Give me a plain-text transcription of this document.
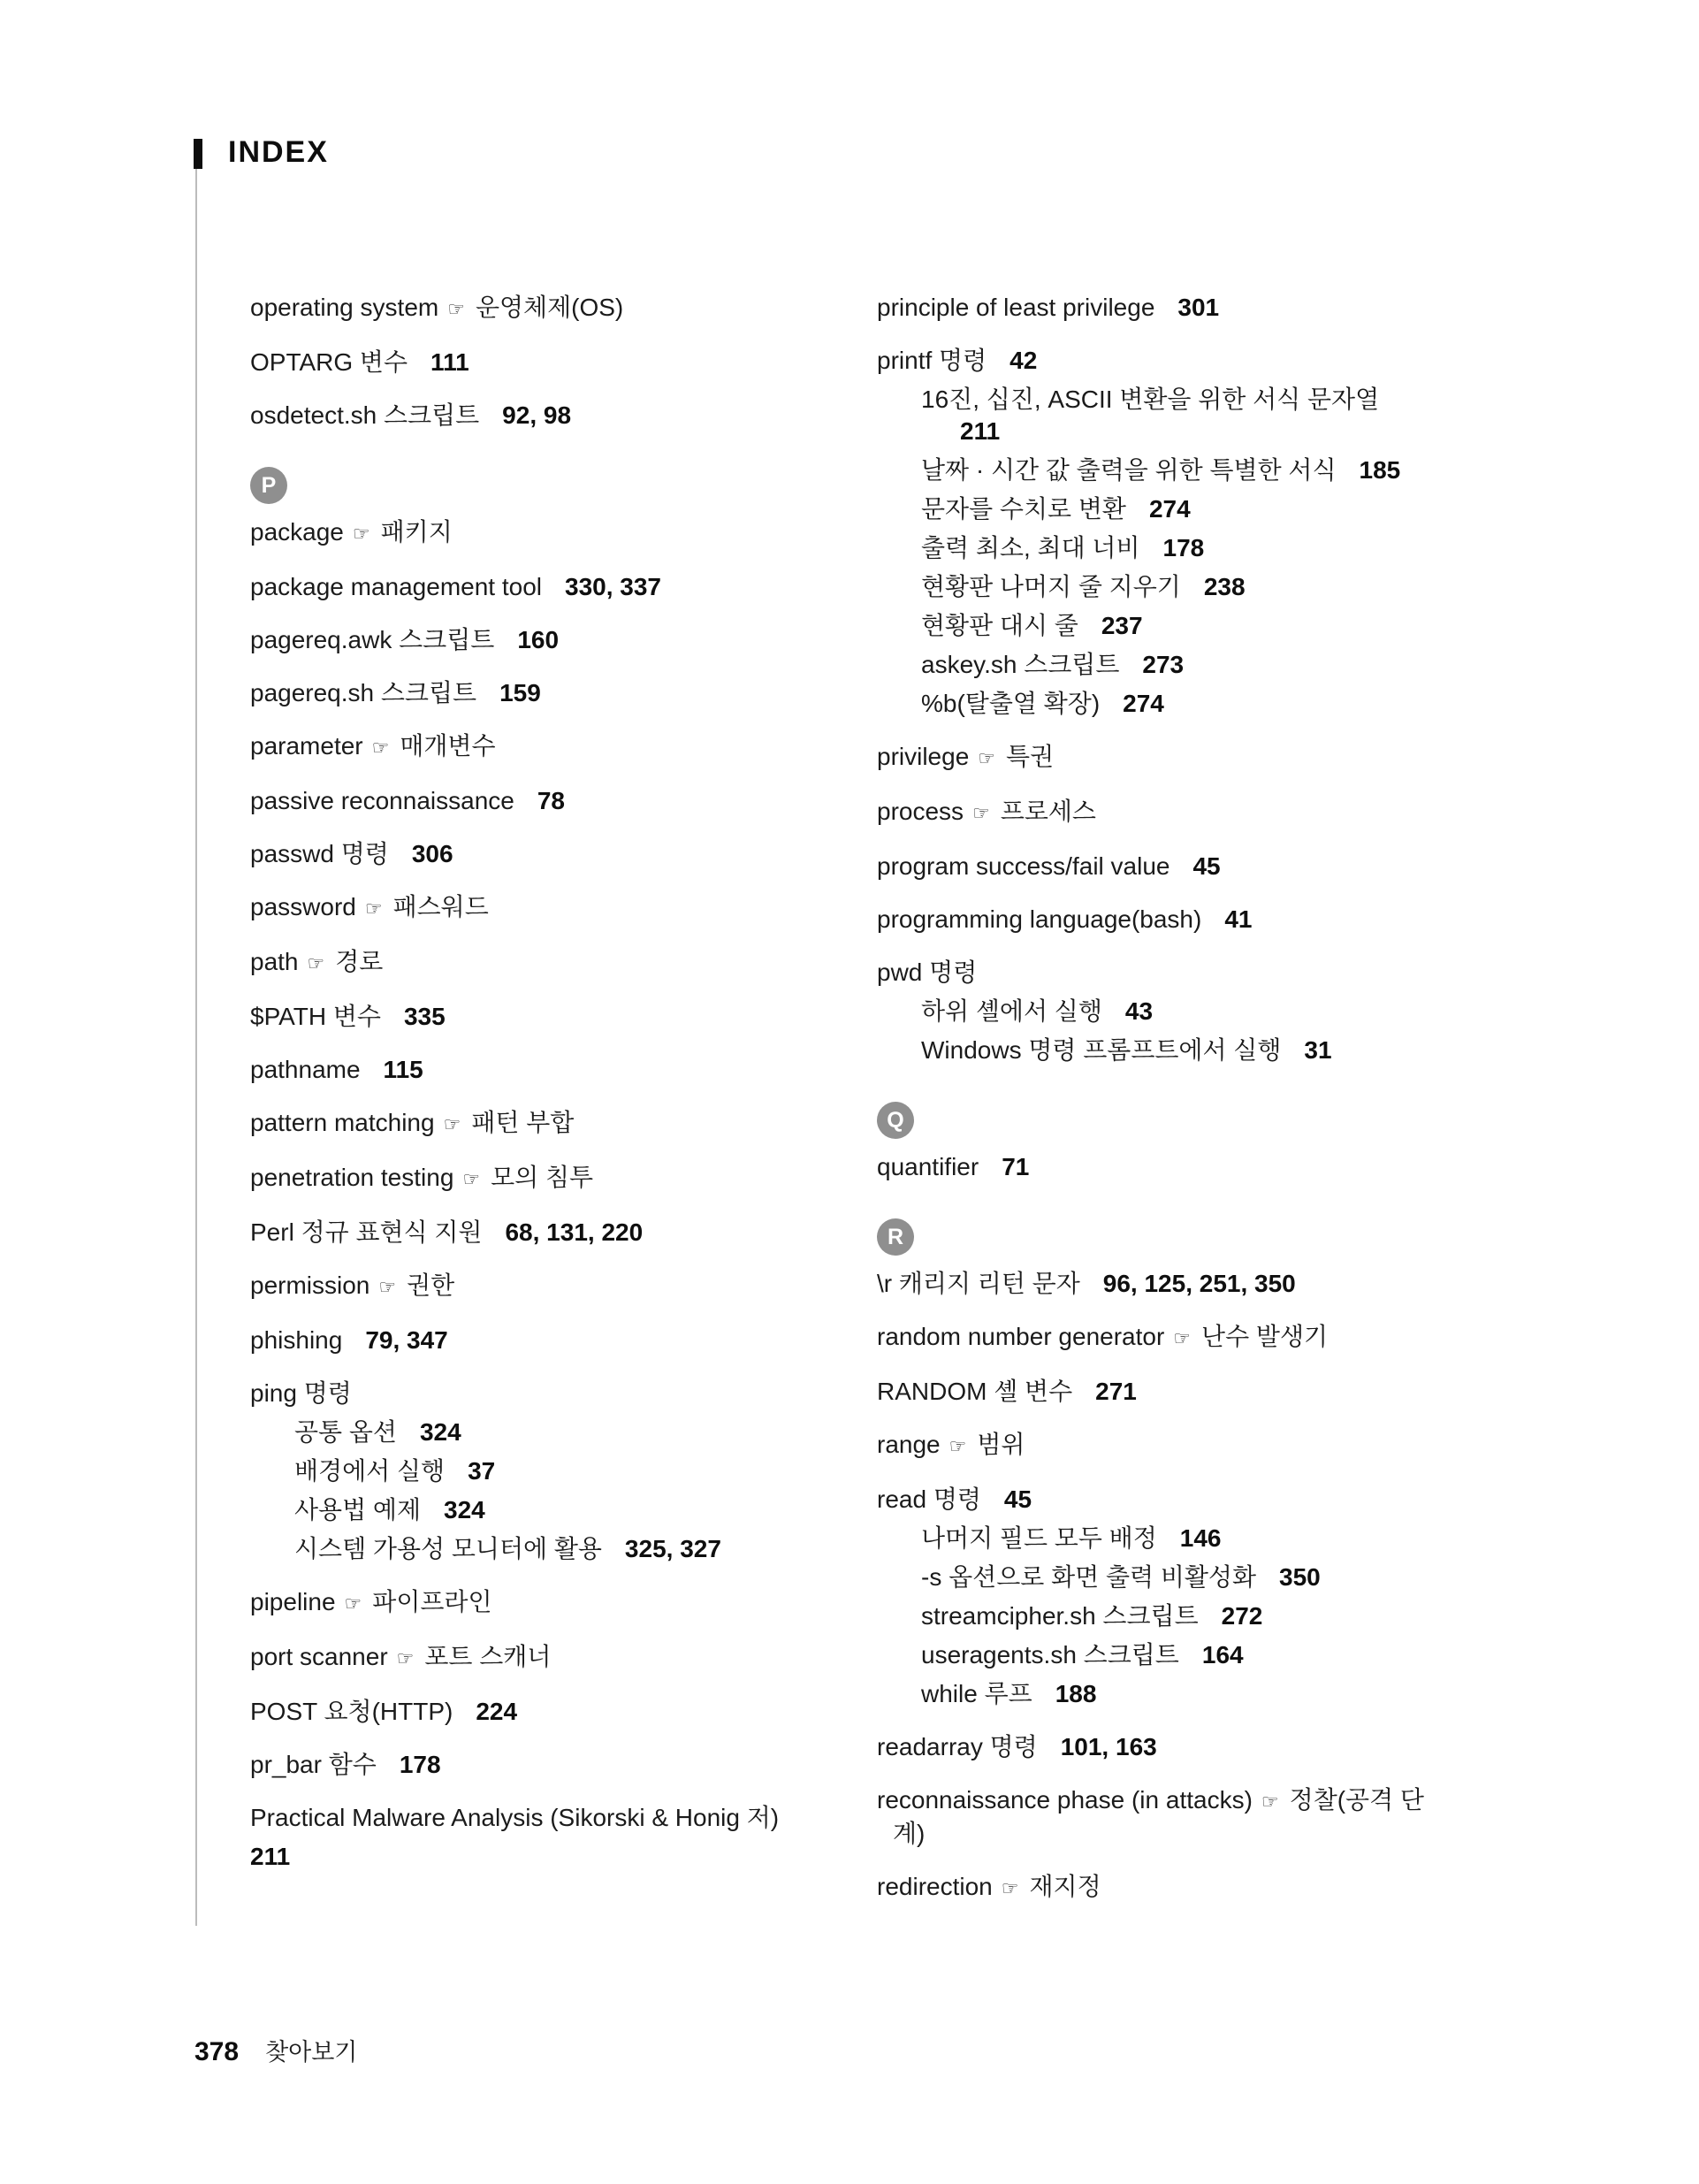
INDEX
operating system ☞ 운영체제(OS)
OPTARG 변수 111
osdetect.sh 스크립트 92, 98
P
package ☞ 패키지
package management tool 330, 337
pagereq.awk 스크립트 160
pagereq.sh 스크립트 159
parameter ☞ 매개변수
passive reconnaissance 78
passwd 명령 306
password ☞ 패스워드
path ☞ 경로
$PATH 변수 335
pathname 115
pattern matching ☞ 패턴 부합
penetration testing ☞ 모의 침투
Perl 정규 표현식 지원 68, 131, 220
permission ☞ 권한
phishing 79, 347
ping 명령
공통 옵션 324
배경에서 실행 37
사용법 예제 324
시스템 가용성 모니터에 활용 325, 327
pipeline ☞ 파이프라인
port scanner ☞ 포트 스캐너
POST 요청(HTTP) 224
pr_bar 함수 178
Practical Malware Analysis (Sikorski & Honig 저)
211
principle of least privilege 301
printf 명령 42
16진, 십진, ASCII 변환을 위한 서식 문자열211
날짜 · 시간 값 출력을 위한 특별한 서식 185
문자를 수치로 변환 274
출력 최소, 최대 너비 178
현황판 나머지 줄 지우기 238
현황판 대시 줄 237
askey.sh 스크립트 273
%b(탈출열 확장) 274
privilege ☞ 특권
process ☞ 프로세스
program success/fail value 45
programming language(bash) 41
pwd 명령
하위 셸에서 실행 43
Windows 명령 프롬프트에서 실행 31
Q
quantifier 71
R
\r 캐리지 리턴 문자 96, 125, 251, 350
random number generator ☞ 난수 발생기
RANDOM 셸 변수 271
range ☞ 범위
read 명령 45
나머지 필드 모두 배정 146
-s 옵션으로 화면 출력 비활성화 350
streamcipher.sh 스크립트 272
useragents.sh 스크립트 164
while 루프 188
readarray 명령 101, 163
reconnaissance phase (in attacks) ☞ 정찰(공격 단계)
redirection ☞ 재지정
378 찾아보기
